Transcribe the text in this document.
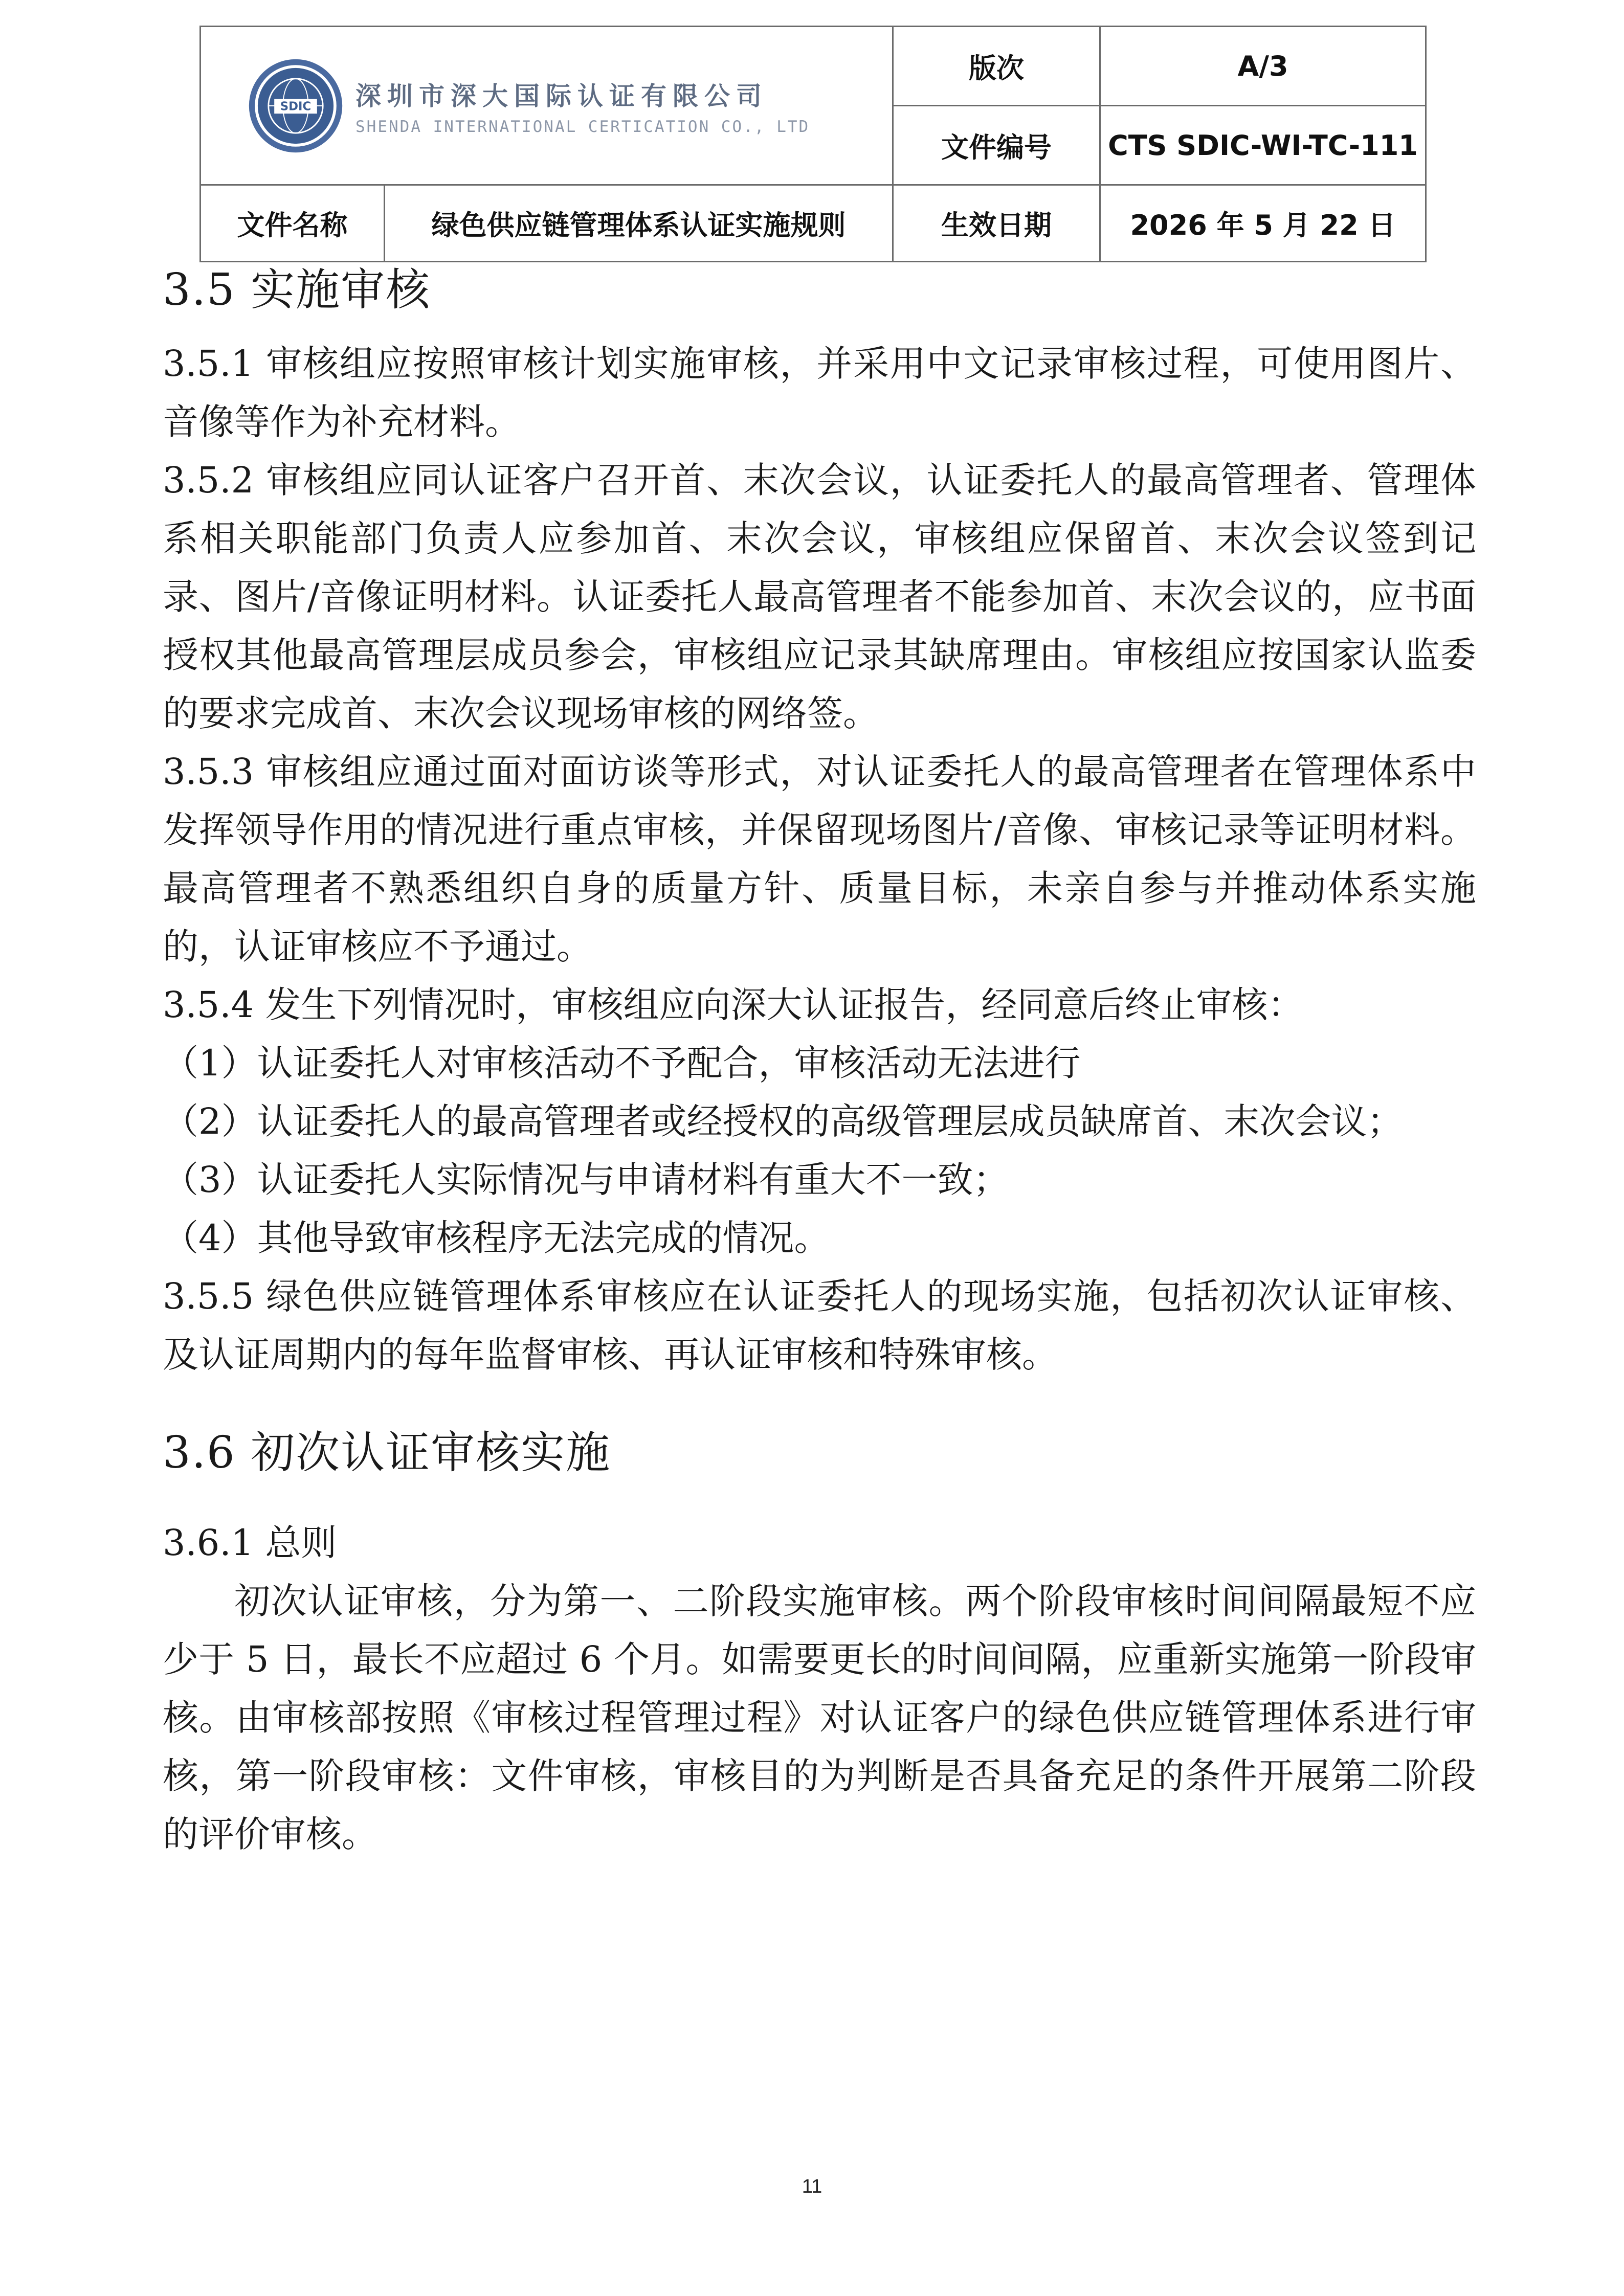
SDIC 深圳市深大国际认证有限公司
SHENDA INTERNATIONAL CERTICATION CO., LTD		版次	A/3
		文件编号	CTS SDIC-WI-TC-111
文件名称	绿色供应链管理体系认证实施规则	生效日期	2026 年 5 月 22 日
3.5 实施审核

3.5.1 审核组应按照审核计划实施审核，并采用中文记录审核过程，可使用图片、音像等作为补充材料。

3.5.2 审核组应同认证客户召开首、末次会议，认证委托人的最高管理者、管理体系相关职能部门负责人应参加首、末次会议，审核组应保留首、末次会议签到记录、图片/音像证明材料。认证委托人最高管理者不能参加首、末次会议的，应书面授权其他最高管理层成员参会，审核组应记录其缺席理由。审核组应按国家认监委的要求完成首、末次会议现场审核的网络签。

3.5.3 审核组应通过面对面访谈等形式，对认证委托人的最高管理者在管理体系中发挥领导作用的情况进行重点审核，并保留现场图片/音像、审核记录等证明材料。最高管理者不熟悉组织自身的质量方针、质量目标，未亲自参与并推动体系实施的，认证审核应不予通过。

3.5.4 发生下列情况时，审核组应向深大认证报告，经同意后终止审核：

（1）认证委托人对审核活动不予配合，审核活动无法进行

（2）认证委托人的最高管理者或经授权的高级管理层成员缺席首、末次会议；

（3）认证委托人实际情况与申请材料有重大不一致；

（4）其他导致审核程序无法完成的情况。

3.5.5 绿色供应链管理体系审核应在认证委托人的现场实施，包括初次认证审核、及认证周期内的每年监督审核、再认证审核和特殊审核。

3.6 初次认证审核实施

3.6.1 总则

初次认证审核，分为第一、二阶段实施审核。两个阶段审核时间间隔最短不应少于 5 日，最长不应超过 6 个月。如需要更长的时间间隔，应重新实施第一阶段审核。由审核部按照《审核过程管理过程》对认证客户的绿色供应链管理体系进行审核，第一阶段审核：文件审核，审核目的为判断是否具备充足的条件开展第二阶段的评价审核。

11
